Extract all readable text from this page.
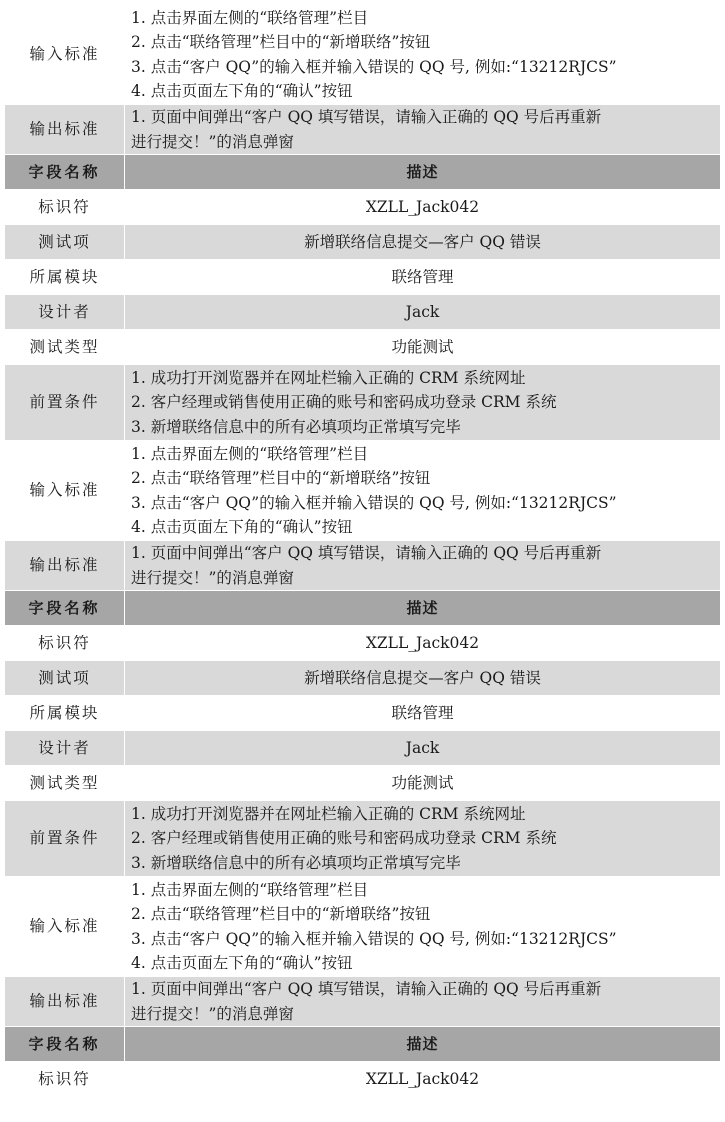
输入标准	1. 点击界面左侧的“联络管理”栏目
2. 点击“联络管理”栏目中的“新增联络”按钮
3. 点击“客户 QQ”的输入框并输入错误的 QQ 号, 例如:“13212RJCS”
4. 点击页面左下角的“确认”按钮

输出标准	1. 页面中间弹出“客户 QQ 填写错误，请输入正确的 QQ 号后再重新
进行提交！”的消息弹窗

字段名称	描述
标识符	XZLL_Jack042
测试项	新增联络信息提交—客户 QQ 错误
所属模块	联络管理
设计者	Jack
测试类型	功能测试
前置条件	1. 成功打开浏览器并在网址栏输入正确的 CRM 系统网址
2. 客户经理或销售使用正确的账号和密码成功登录 CRM 系统
3. 新增联络信息中的所有必填项均正常填写完毕

输入标准	1. 点击界面左侧的“联络管理”栏目
2. 点击“联络管理”栏目中的“新增联络”按钮
3. 点击“客户 QQ”的输入框并输入错误的 QQ 号, 例如:“13212RJCS”
4. 点击页面左下角的“确认”按钮

输出标准	1. 页面中间弹出“客户 QQ 填写错误，请输入正确的 QQ 号后再重新
进行提交！”的消息弹窗

字段名称	描述
标识符	XZLL_Jack042
测试项	新增联络信息提交—客户 QQ 错误
所属模块	联络管理
设计者	Jack
测试类型	功能测试
前置条件	1. 成功打开浏览器并在网址栏输入正确的 CRM 系统网址
2. 客户经理或销售使用正确的账号和密码成功登录 CRM 系统
3. 新增联络信息中的所有必填项均正常填写完毕

输入标准	1. 点击界面左侧的“联络管理”栏目
2. 点击“联络管理”栏目中的“新增联络”按钮
3. 点击“客户 QQ”的输入框并输入错误的 QQ 号, 例如:“13212RJCS”
4. 点击页面左下角的“确认”按钮

输出标准	1. 页面中间弹出“客户 QQ 填写错误，请输入正确的 QQ 号后再重新
进行提交！”的消息弹窗

字段名称	描述
标识符	XZLL_Jack042
